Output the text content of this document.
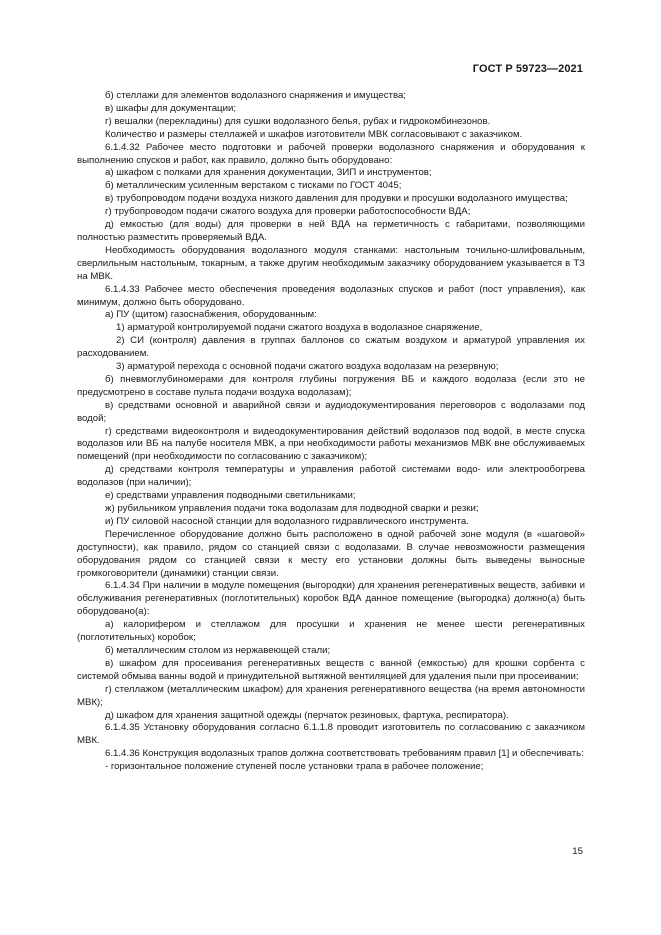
ГОСТ Р 59723—2021

б) стеллажи для элементов водолазного снаряжения и имущества;

в) шкафы для документации;

г) вешалки (перекладины) для сушки водолазного белья, рубах и гидрокомбинезонов.

Количество и размеры стеллажей и шкафов изготовители МВК согласовывают с заказчиком.

6.1.4.32 Рабочее место подготовки и рабочей проверки водолазного снаряжения и оборудования к выполнению спусков и работ, как правило, должно быть оборудовано:

а) шкафом с полками для хранения документации, ЗИП и инструментов;

б) металлическим усиленным верстаком с тисками по ГОСТ 4045;

в) трубопроводом подачи воздуха низкого давления для продувки и просушки водолазного имущества;

г) трубопроводом подачи сжатого воздуха для проверки работоспособности ВДА;

д) емкостью (для воды) для проверки в ней ВДА на герметичность с габаритами, позволяющими полностью разместить проверяемый ВДА.

Необходимость оборудования водолазного модуля станками: настольным точильно-шлифовальным, сверлильным настольным, токарным, а также другим необходимым заказчику оборудованием указывается в ТЗ на МВК.

6.1.4.33 Рабочее место обеспечения проведения водолазных спусков и работ (пост управления), как минимум, должно быть оборудовано.

а) ПУ (щитом) газоснабжения, оборудованным:

1) арматурой контролируемой подачи сжатого воздуха в водолазное снаряжение,

2) СИ (контроля) давления в группах баллонов со сжатым воздухом и арматурой управления их расходованием.

3) арматурой перехода с основной подачи сжатого воздуха водолазам на резервную;

б) пневмоглубиномерами для контроля глубины погружения ВБ и каждого водолаза (если это не предусмотрено в составе пульта подачи воздуха водолазам);

в) средствами основной и аварийной связи и аудиодокументирования переговоров с водолазами под водой;

г) средствами видеоконтроля и видеодокументирования действий водолазов под водой, в месте спуска водолазов или ВБ на палубе носителя МВК, а при необходимости работы механизмов МВК вне обслуживаемых помещений (при необходимости по согласованию с заказчиком);

д) средствами контроля температуры и управления работой системами водо- или электрообогрева водолазов (при наличии);

е) средствами управления подводными светильниками;

ж) рубильником управления подачи тока водолазам для подводной сварки и резки;

и) ПУ силовой насосной станции для водолазного гидравлического инструмента.

Перечисленное оборудование должно быть расположено в одной рабочей зоне модуля (в «шаговой» доступности), как правило, рядом со станцией связи с водолазами. В случае невозможности размещения оборудования рядом со станцией связи к месту его установки должны быть выведены выносные громкоговорители (динамики) станции связи.

6.1.4.34 При наличии в модуле помещения (выгородки) для хранения регенеративных веществ, забивки и обслуживания регенеративных (поглотительных) коробок ВДА данное помещение (выгородка) должно(а) быть оборудовано(а):

а) калорифером и стеллажом для просушки и хранения не менее шести регенеративных (поглотительных) коробок;

б) металлическим столом из нержавеющей стали;

в) шкафом для просеивания регенеративных веществ с ванной (емкостью) для крошки сорбента с системой обмыва ванны водой и принудительной вытяжной вентиляцией для удаления пыли при просеивании;

г) стеллажом (металлическим шкафом) для хранения регенеративного вещества (на время автономности МВК);

д) шкафом для хранения защитной одежды (перчаток резиновых, фартука, респиратора).

6.1.4.35 Установку оборудования согласно 6.1.1.8 проводит изготовитель по согласованию с заказчиком МВК.

6.1.4.36 Конструкция водолазных трапов должна соответствовать требованиям правил [1] и обеспечивать:

- горизонтальное положение ступеней после установки трапа в рабочее положение;

15
